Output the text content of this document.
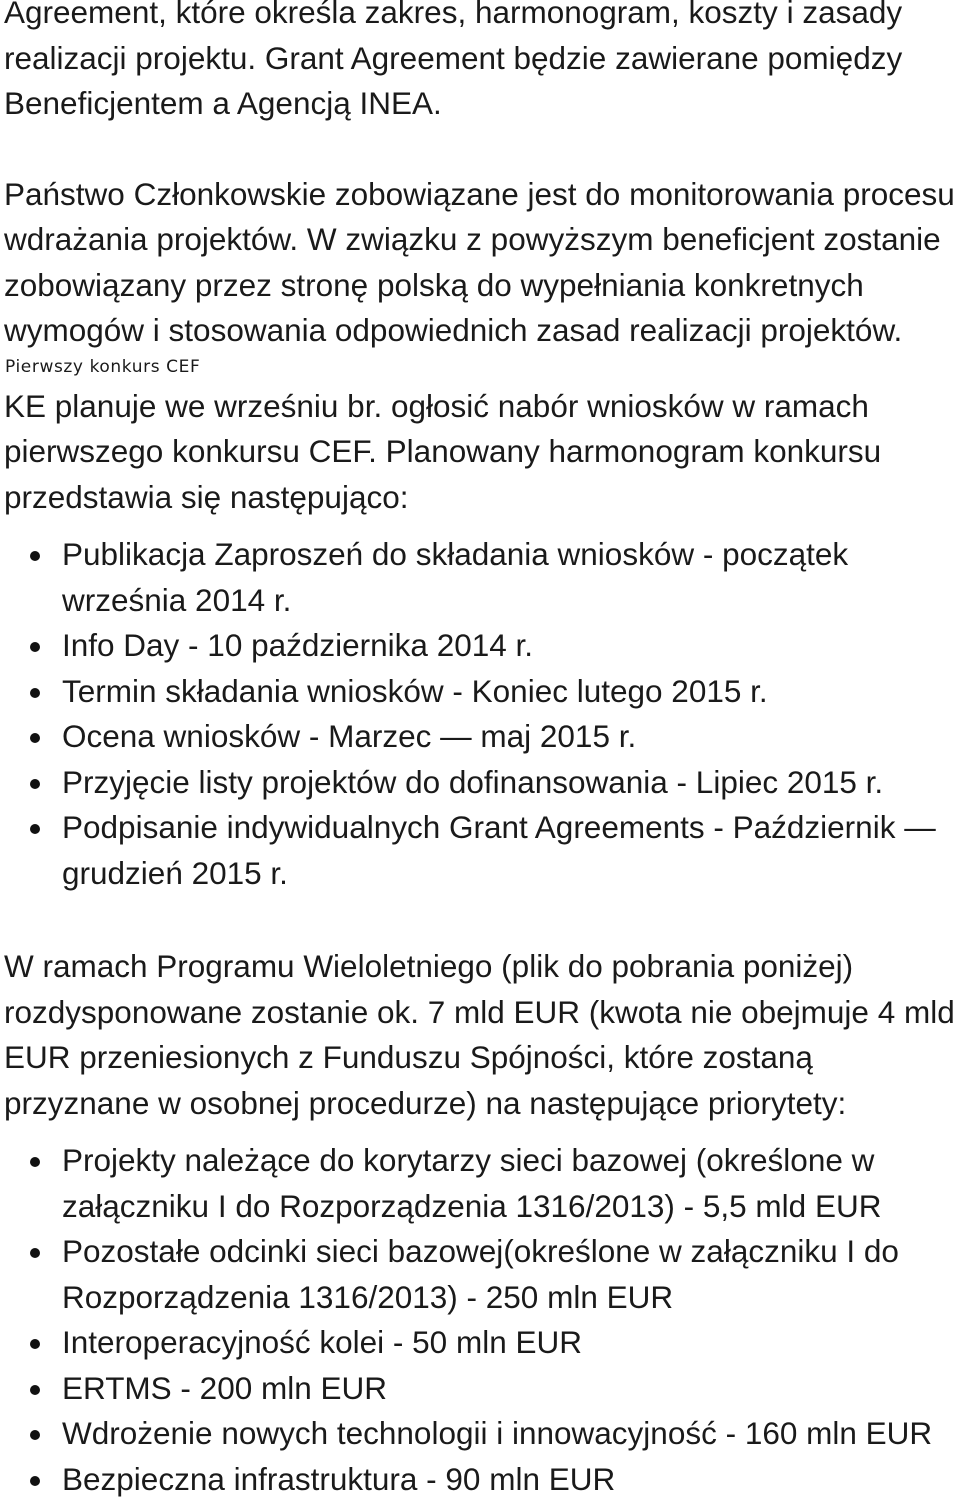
Agreement, które określa zakres, harmonogram, koszty i zasady
realizacji projektu. Grant Agreement będzie zawierane pomiędzy
Beneficjentem a Agencją INEA.
Państwo Członkowskie zobowiązane jest do monitorowania procesu
wdrażania projektów. W związku z powyższym beneficjent zostanie
zobowiązany przez stronę polską do wypełniania konkretnych
wymogów i stosowania odpowiednich zasad realizacji projektów.
Pierwszy konkurs CEF
KE planuje we wrześniu br. ogłosić nabór wniosków w ramach
pierwszego konkursu CEF. Planowany harmonogram konkursu
przedstawia się następująco:
Publikacja Zaproszeń do składania wniosków - początek
września 2014 r.
Info Day - 10 października 2014 r.
Termin składania wniosków - Koniec lutego 2015 r.
Ocena wniosków - Marzec — maj 2015 r.
Przyjęcie listy projektów do dofinansowania - Lipiec 2015 r.
Podpisanie indywidualnych Grant Agreements - Październik —
grudzień 2015 r.
W ramach Programu Wieloletniego (plik do pobrania poniżej)
rozdysponowane zostanie ok. 7 mld EUR (kwota nie obejmuje 4 mld
EUR przeniesionych z Funduszu Spójności, które zostaną
przyznane w osobnej procedurze) na następujące priorytety:
Projekty należące do korytarzy sieci bazowej (określone w
załączniku I do Rozporządzenia 1316/2013) - 5,5 mld EUR
Pozostałe odcinki sieci bazowej(określone w załączniku I do
Rozporządzenia 1316/2013) - 250 mln EUR
Interoperacyjność kolei - 50 mln EUR
ERTMS - 200 mln EUR
Wdrożenie nowych technologii i innowacyjność - 160 mln EUR
Bezpieczna infrastruktura - 90 mln EUR
